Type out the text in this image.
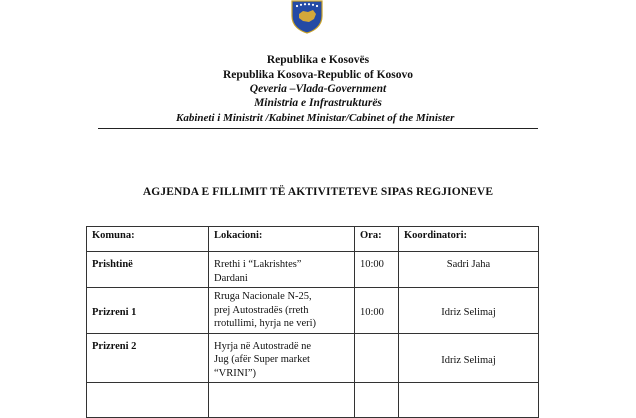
Republika e Kosovës
Republika Kosova-Republic of Kosovo
Qeveria –Vlada-Government
Ministria e Infrastrukturës
Kabineti i Ministrit /Kabinet Ministar/Cabinet of the Minister
AGJENDA E FILLIMIT TË AKTIVITETEVE SIPAS REGJIONEVE
Komuna:	Lokacioni:	Ora:	Koordinatori:
Prishtinë	Rrethi i “Lakrishtes”
Dardani	10:00	Sadri Jaha
Prizreni 1	Rruga Nacionale N-25,
prej Autostradës (rreth
rrotullimi, hyrja ne veri)	10:00	Idriz Selimaj
Prizreni 2	Hyrja në Autostradë ne
Jug (afër Super market
“VRINI”)		Idriz Selimaj
